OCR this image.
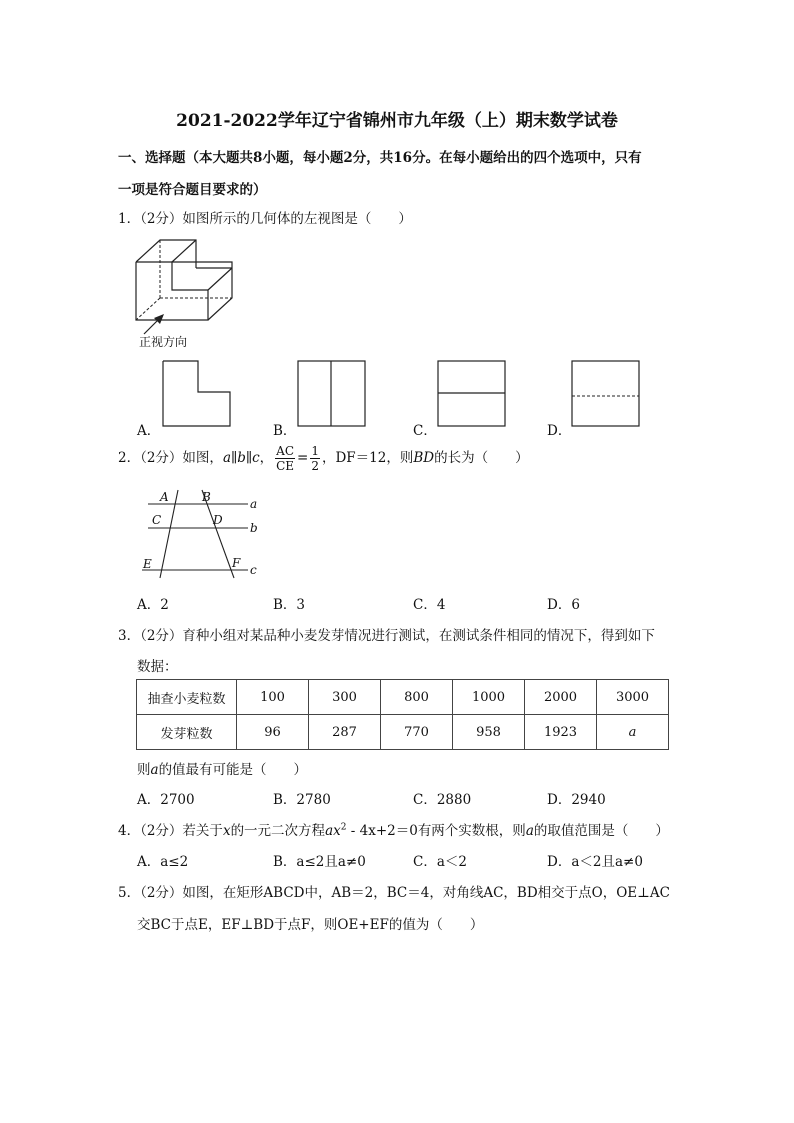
2021-2022学年辽宁省锦州市九年级（上）期末数学试卷
一、选择题（本大题共8小题，每小题2分，共16分。在每小题给出的四个选项中，只有
一项是符合题目要求的）
1．（2分）如图所示的几何体的左视图是（　　）
正视方向
A．	B．	C．	D．
2．（2分）如图，a∥b∥c， $\frac{AC}{CE} = \frac{1}{2}$ ，DF＝12，则BD的长为（　　）
A	B
C	D
E	F
a
b
c
A．2	B．3	C．4	D．6
3．（2分）育种小组对某品种小麦发芽情况进行测试，在测试条件相同的情况下，得到如下
数据：
抽查小麦粒数	100	300	800	1000	2000	3000
发芽粒数	96	287	770	958	1923	a
则a的值最有可能是（　　）
A．2700	B．2780	C．2880	D．2940
4．（2分）若关于x的一元二次方程$ax^2 - 4x+2=0$有两个实数根，则a的取值范围是（　　）
A．a≤2	B．a≤2且a≠0	C．a＜2	D．a＜2且a≠0
5．（2分）如图，在矩形ABCD中，AB＝2，BC＝4，对角线AC，BD相交于点O，OE⊥AC
交BC于点E，EF⊥BD于点F，则OE+EF的值为（　　）
